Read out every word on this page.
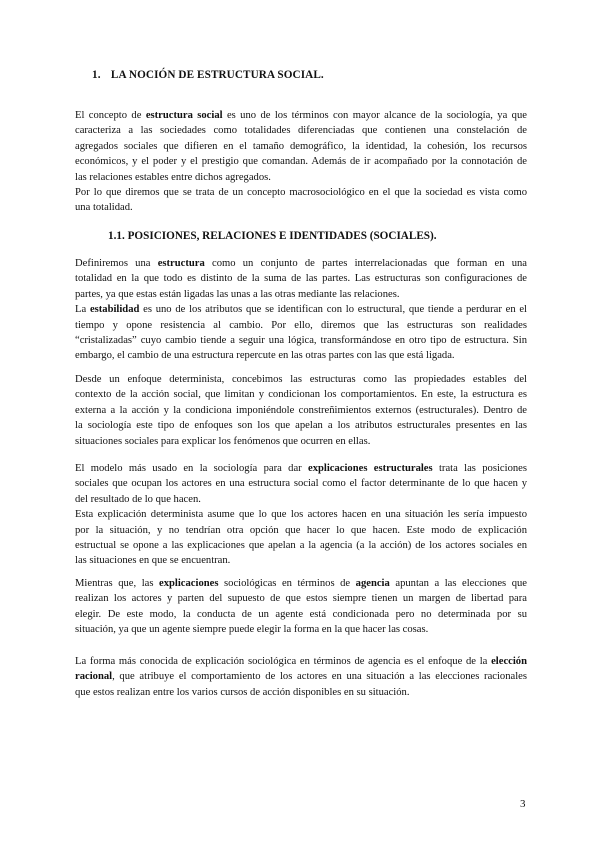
1. LA NOCIÓN DE ESTRUCTURA SOCIAL.
1.1. POSICIONES, RELACIONES E IDENTIDADES (SOCIALES).
El concepto de estructura social es uno de los términos con mayor alcance de la sociología, ya que
caracteriza a las sociedades como totalidades diferenciadas que contienen una constelación de
agregados sociales que difieren en el tamaño demográfico, la identidad, la cohesión, los recursos
económicos, y el poder y el prestigio que comandan. Además de ir acompañado por la connotación de
las relaciones estables entre dichos agregados.
Por lo que diremos que se trata de un concepto macrosociológico en el que la sociedad es vista como
una totalidad.
Definiremos una estructura como un conjunto de partes interrelacionadas que forman en una
totalidad en la que todo es distinto de la suma de las partes. Las estructuras son configuraciones de
partes, ya que estas están ligadas las unas a las otras mediante las relaciones.
La estabilidad es uno de los atributos que se identifican con lo estructural, que tiende a perdurar en el
tiempo y opone resistencia al cambio. Por ello, diremos que las estructuras son realidades
“cristalizadas” cuyo cambio tiende a seguir una lógica, transformándose en otro tipo de estructura. Sin
embargo, el cambio de una estructura repercute en las otras partes con las que está ligada.
Desde un enfoque determinista, concebimos las estructuras como las propiedades estables del
contexto de la acción social, que limitan y condicionan los comportamientos. En este, la estructura es
externa a la acción y la condiciona imponiéndole constreñimientos externos (estructurales). Dentro de
la sociología este tipo de enfoques son los que apelan a los atributos estructurales presentes en las
situaciones sociales para explicar los fenómenos que ocurren en ellas.
El modelo más usado en la sociología para dar explicaciones estructurales trata las posiciones
sociales que ocupan los actores en una estructura social como el factor determinante de lo que hacen y
del resultado de lo que hacen.
Esta explicación determinista asume que lo que los actores hacen en una situación les sería impuesto
por la situación, y no tendrían otra opción que hacer lo que hacen. Este modo de explicación
estructual se opone a las explicaciones que apelan a la agencia (a la acción) de los actores sociales en
las situaciones en que se encuentran.
Mientras que, las explicaciones sociológicas en términos de agencia apuntan a las elecciones que
realizan los actores y parten del supuesto de que estos siempre tienen un margen de libertad para
elegir. De este modo, la conducta de un agente está condicionada pero no determinada por su
situación, ya que un agente siempre puede elegir la forma en la que hacer las cosas.
La forma más conocida de explicación sociológica en términos de agencia es el enfoque de la elección
racional, que atribuye el comportamiento de los actores en una situación a las elecciones racionales
que estos realizan entre los varios cursos de acción disponibles en su situación.
3
